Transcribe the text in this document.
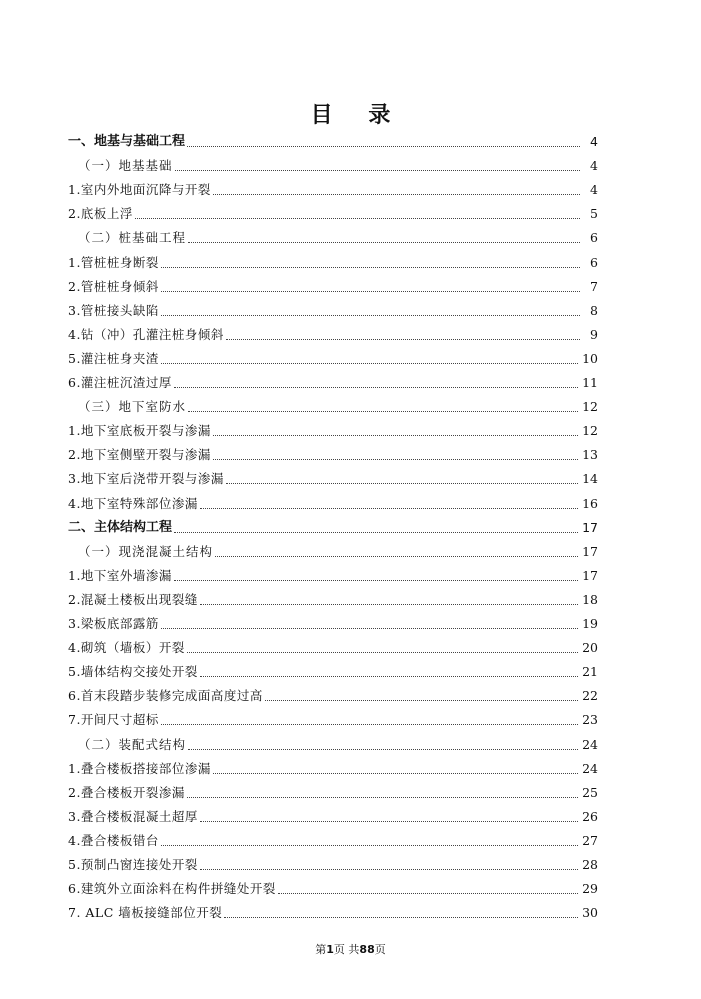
目 录
一、地基与基础工程	4
（一）地基基础	4
1.室内外地面沉降与开裂	4
2.底板上浮	5
（二）桩基础工程	6
1.管桩桩身断裂	6
2.管桩桩身倾斜	7
3.管桩接头缺陷	8
4.钻（冲）孔灌注桩身倾斜	9
5.灌注桩身夹渣	10
6.灌注桩沉渣过厚	11
（三）地下室防水	12
1.地下室底板开裂与渗漏	12
2.地下室侧壁开裂与渗漏	13
3.地下室后浇带开裂与渗漏	14
4.地下室特殊部位渗漏	16
二、主体结构工程	17
（一）现浇混凝土结构	17
1.地下室外墙渗漏	17
2.混凝土楼板出现裂缝	18
3.梁板底部露筋	19
4.砌筑（墙板）开裂	20
5.墙体结构交接处开裂	21
6.首末段踏步装修完成面高度过高	22
7.开间尺寸超标	23
（二）装配式结构	24
1.叠合楼板搭接部位渗漏	24
2.叠合楼板开裂渗漏	25
3.叠合楼板混凝土超厚	26
4.叠合楼板错台	27
5.预制凸窗连接处开裂	28
6.建筑外立面涂料在构件拼缝处开裂	29
7. ALC 墙板接缝部位开裂	30
第1页 共88页
